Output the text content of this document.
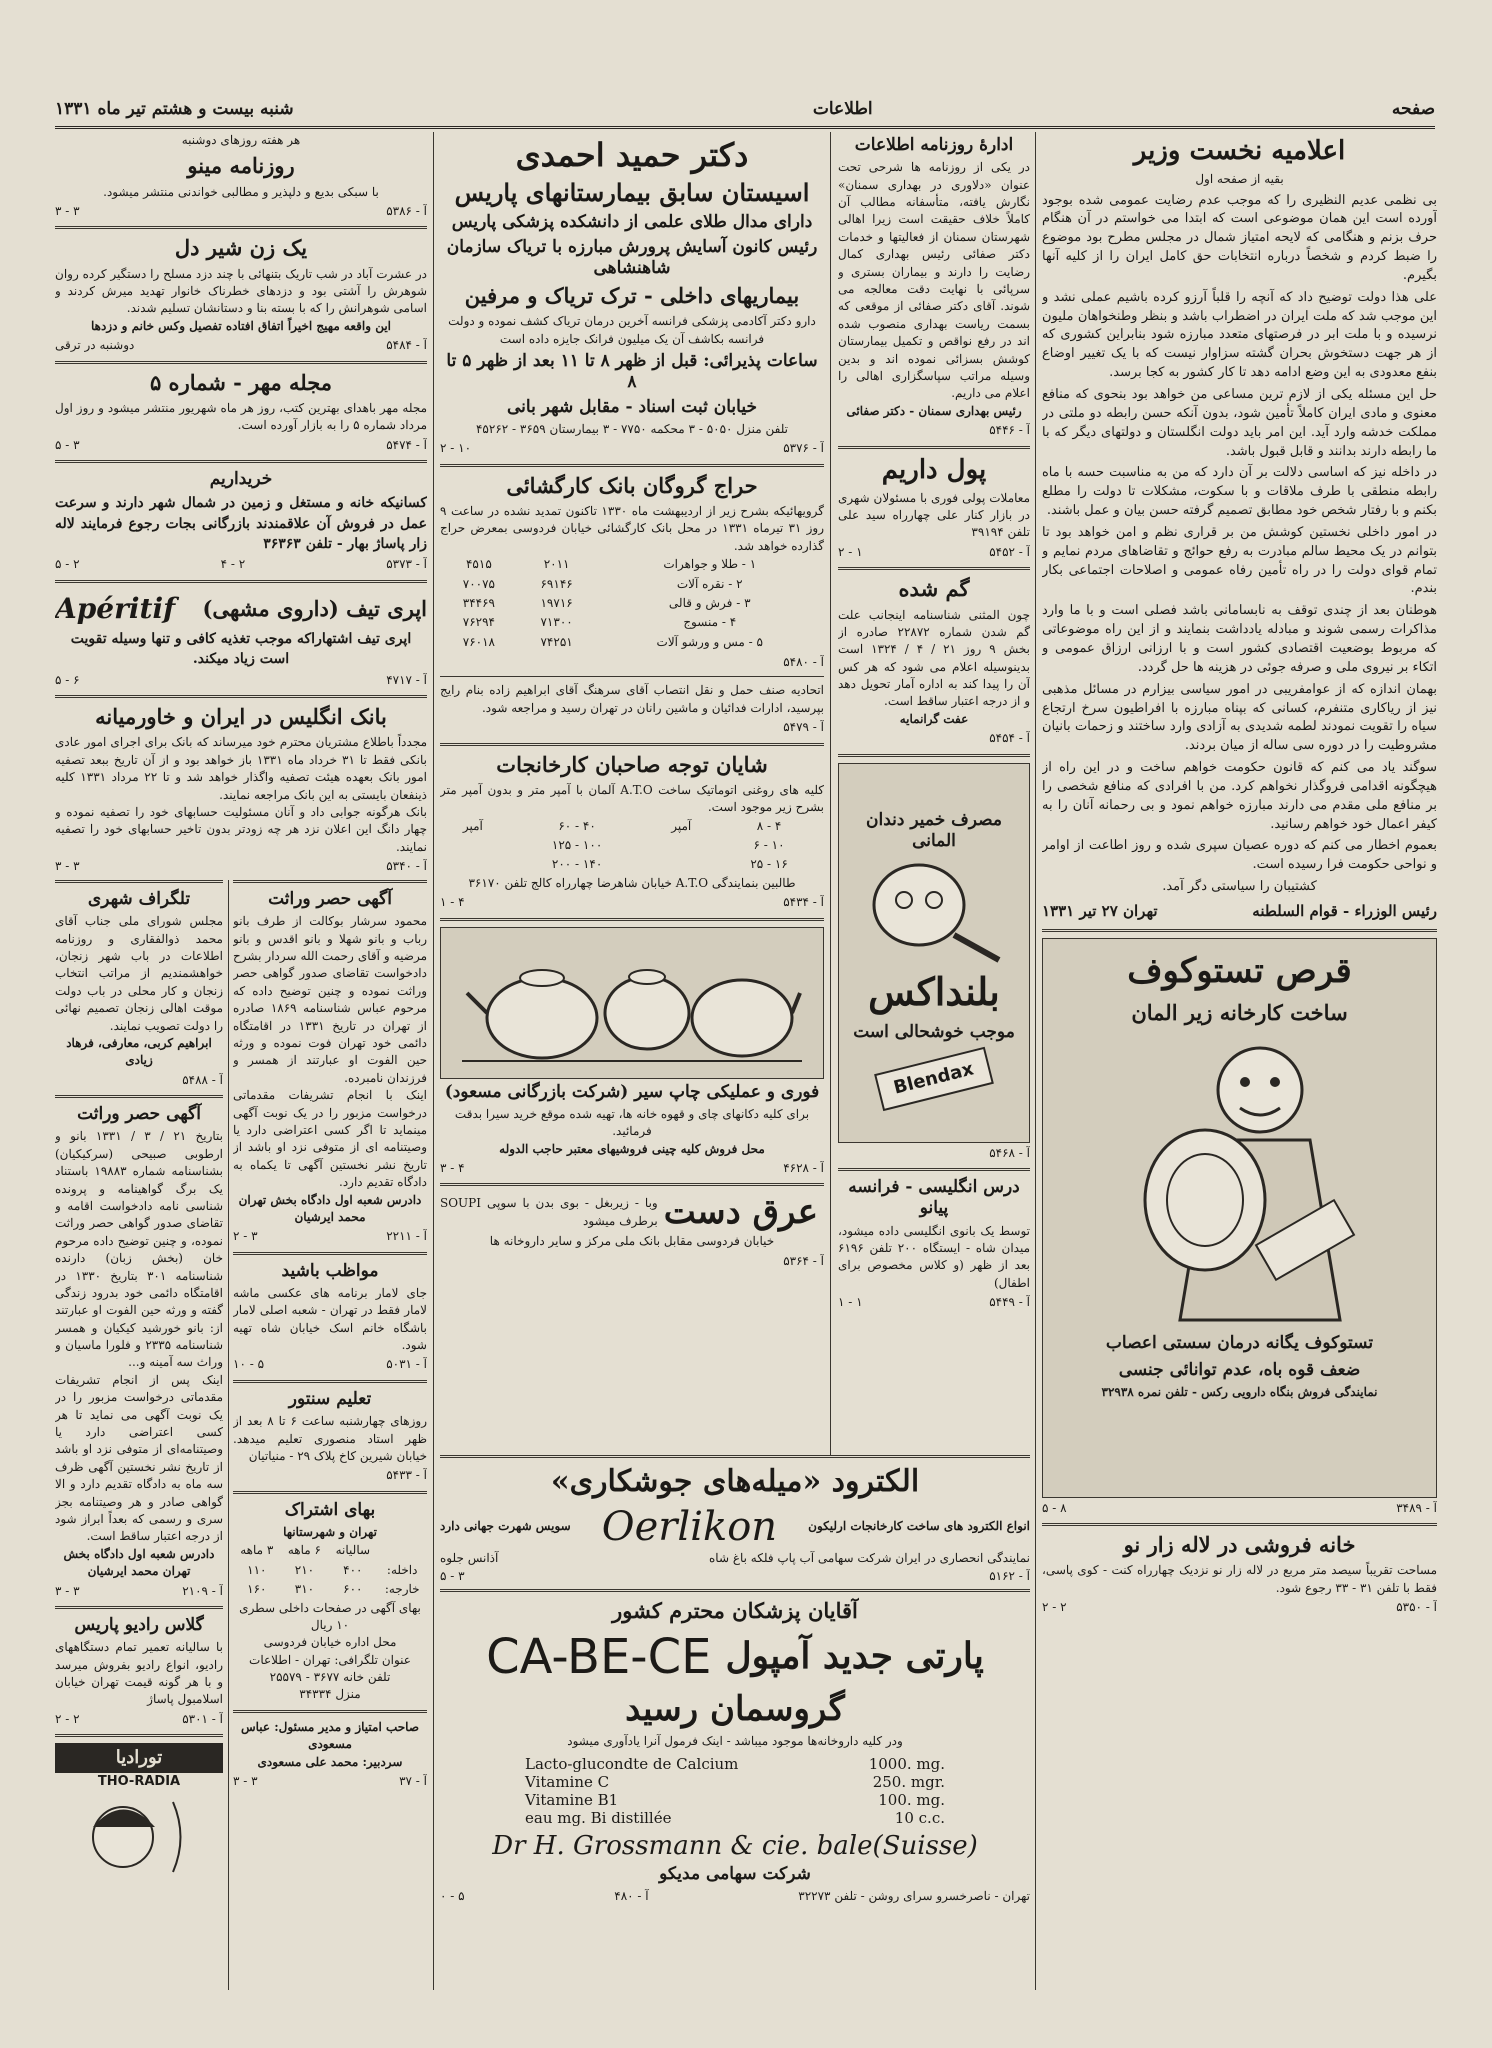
صفحه
اطلاعات
شنبه بیست و هشتم تیر ماه ۱۳۳۱
اعلامیه نخست وزیر
بقیه از صفحه اول

بی نظمی عدیم النظیری را که موجب عدم رضایت عمومی شده بوجود آورده است این همان موضوعی است که ابتدا می خواستم در آن هنگام حرف بزنم و هنگامی که لایحه امتیاز شمال در مجلس مطرح بود موضوع را ضبط کردم و شخصاً درباره انتخابات حق کامل ایران را از کلیه آنها بگیرم.

علی هذا دولت توضیح داد که آنچه را قلباً آرزو کرده باشیم عملی نشد و این موجب شد که ملت ایران در اضطراب باشد و بنظر وطنخواهان ملیون نرسیده و با ملت ابر در فرصتهای متعدد مبارزه شود بنابراین کشوری که از هر جهت دستخوش بحران گشته سزاوار نیست که با یک تغییر اوضاع بنفع معدودی به این وضع ادامه دهد تا کار کشور به کجا برسد.

حل این مسئله یکی از لازم ترین مساعی من خواهد بود بنحوی که منافع معنوی و مادی ایران کاملاً تأمین شود، بدون آنکه حسن رابطه دو ملتی در مملکت خدشه وارد آید. این امر باید دولت انگلستان و دولتهای دیگر که با ما رابطه دارند بدانند و قابل قبول باشد.

در داخله نیز که اساسی دلالت بر آن دارد که من به مناسبت حسه با ماه رابطه منطقی با طرف ملاقات و با سکوت، مشکلات تا دولت را مطلع بکنم و با رفتار شخص خود مطابق تصمیم گرفته حسن بیان و عمل باشند.

در امور داخلی نخستین کوشش من بر قراری نظم و امن خواهد بود تا بتوانم در یک محیط سالم مبادرت به رفع حوائج و تقاضاهای مردم نمایم و تمام قوای دولت را در راه تأمین رفاه عمومی و اصلاحات اجتماعی بکار بندم.

هوطنان بعد از چندی توقف به نابسامانی باشد فصلی است و با ما وارد مذاکرات رسمی شوند و مبادله یادداشت بنمایند و از این راه موضوعاتی که مربوط بوضعیت اقتصادی کشور است و با ارزانی ارزاق عمومی و اتکاء بر نیروی ملی و صرفه جوئی در هزینه ها حل گردد.

بهمان اندازه که از عوامفریبی در امور سیاسی بیزارم در مسائل مذهبی نیز از ریاکاری متنفرم، کسانی که بپناه مبارزه با افراطیون سرخ ارتجاع سیاه را تقویت نمودند لطمه شدیدی به آزادی وارد ساختند و زحمات بانیان مشروطیت را در دوره سی ساله از میان بردند.

سوگند یاد می کنم که قانون حکومت خواهم ساخت و در این راه از هیچگونه اقدامی فروگذار نخواهم کرد. من با افرادی که منافع شخصی را بر منافع ملی مقدم می دارند مبارزه خواهم نمود و بی رحمانه آنان را به کیفر اعمال خود خواهم رسانید.

بعموم اخطار می کنم که دوره عصیان سپری شده و روز اطاعت از اوامر و نواحی حکومت فرا رسیده است.

کشتیبان را سیاستی دگر آمد.

رئیس الوزراء - قوام السلطنه
تهران ۲۷ تیر ۱۳۳۱
قرص تستوکوف
ساخت کارخانه زیر المان
تستوکوف یگانه درمان سستی اعصاب
ضعف قوه باه، عدم توانائی جنسی
نمایندگی فروش بنگاه دارویی رکس - تلفن نمره ۳۲۹۳۸
آ - ۳۴۸۹
۸ - ۵
خانه فروشی در لاله زار نو
مساحت تقریباً سیصد متر مربع در لاله زار نو نزدیک چهارراه کنت - کوی پاسی، فقط با تلفن ۳۱ - ۳۳ رجوع شود.
آ - ۵۳۵۰
۲ - ۲
ادارهٔ روزنامه اطلاعات
در یکی از روزنامه ها شرحی تحت عنوان «دلاوری در بهداری سمنان» نگارش یافته، متأسفانه مطالب آن کاملاً خلاف حقیقت است زیرا اهالی شهرستان سمنان از فعالیتها و خدمات دکتر صفائی رئیس بهداری کمال رضایت را دارند و بیماران بستری و سرپائی با نهایت دقت معالجه می شوند. آقای دکتر صفائی از موقعی که بسمت ریاست بهداری منصوب شده اند در رفع نواقص و تکمیل بیمارستان کوشش بسزائی نموده اند و بدین وسیله مراتب سپاسگزاری اهالی را اعلام می داریم.
رئیس بهداری سمنان - دکتر صفائی
آ - ۵۴۴۶
پول داریم
معاملات پولی فوری با مسئولان شهری در بازار کنار علی چهارراه سید علی تلفن ۳۹۱۹۴
آ - ۵۴۵۲
۱ - ۲
گم شده
چون المثنی شناسنامه اینجانب علت گم شدن شماره ۲۲۸۷۲ صادره از بخش ۹ روز ۲۱ / ۴ / ۱۳۲۴ است بدینوسیله اعلام می شود که هر کس آن را پیدا کند به اداره آمار تحویل دهد و از درجه اعتبار ساقط است.
عفت گرانمایه
آ - ۵۴۵۴
مصرف خمیر دندان المانی
بلنداکس
موجب خوشحالی است
Blendax
آ - ۵۴۶۸
درس انگلیسی - فرانسه پیانو
توسط یک بانوی انگلیسی داده میشود، میدان شاه - ایستگاه ۲۰۰ تلفن ۶۱۹۶ بعد از ظهر (و کلاس مخصوص برای اطفال)
آ - ۵۴۴۹
۱ - ۱
دکتر حمید احمدی
اسیستان سابق بیمارستانهای پاریس
دارای مدال طلای علمی از دانشکده پزشکی پاریس
رئیس کانون آسایش پرورش مبارزه با تریاک سازمان شاهنشاهی
بیماریهای داخلی - ترک تریاک و مرفین
دارو دکتر آکادمی پزشکی فرانسه آخرین درمان تریاک کشف نموده و دولت فرانسه بکاشف آن یک میلیون فرانک جایزه داده است
ساعات پذیرائی: قبل از ظهر ۸ تا ۱۱ بعد از ظهر ۵ تا ۸
خیابان ثبت اسناد - مقابل شهر بانی
تلفن منزل ۵۰۵۰ - ۳ محکمه ۷۷۵۰ - ۳ بیمارستان ۳۶۵۹ - ۴۵۲۶۲
آ - ۵۳۷۶
۱۰ - ۲
حراج گروگان بانک کارگشائی
گرویهائیکه بشرح زیر از اردیبهشت ماه ۱۳۳۰ تاکنون تمدید نشده در ساعت ۹ روز ۳۱ تیرماه ۱۳۳۱ در محل بانک کارگشائی خیابان فردوسی بمعرض حراج گذارده خواهد شد.
۱ - طلا و جواهرات	۲۰۱۱	۴۵۱۵
۲ - نقره آلات	۶۹۱۴۶	۷۰۰۷۵
۳ - فرش و قالی	۱۹۷۱۶	۳۴۴۶۹
۴ - منسوج	۷۱۳۰۰	۷۶۲۹۴
۵ - مس و ورشو آلات	۷۴۲۵۱	۷۶۰۱۸
آ - ۵۴۸۰
اتحادیه صنف حمل و نقل انتصاب آقای سرهنگ آقای ابراهیم زاده بنام رایج بپرسید، ادارات فدائیان و ماشین رانان در تهران رسید و مراجعه شود.
آ - ۵۴۷۹
شایان توجه صاحبان کارخانجات
کلیه های روغنی اتوماتیک ساخت A.T.O آلمان با آمپر متر و بدون آمپر متر بشرح زیر موجود است.
۴ - ۸	آمپر	۴۰ - ۶۰	آمپر
۱۰ - ۶		۱۰۰ - ۱۲۵	
۱۶ - ۲۵		۱۴۰ - ۲۰۰	
طالبین بنمایندگی A.T.O خیابان شاهرضا چهارراه کالج تلفن ۳۶۱۷۰
آ - ۵۴۳۴
۴ - ۱
فوری و عملیکی چاپ سیر (شرکت بازرگانی مسعود)
برای کلیه دکانهای چای و قهوه خانه ها، تهیه شده موقع خرید سیرا بدقت فرمائید.
محل فروش کلیه چینی فروشیهای معتبر حاجب الدوله
آ - ۴۶۲۸
۴ - ۳
عرق دست
وبا - زیربغل - بوی بدن با سوپی SOUPI برطرف میشود
خیابان فردوسی مقابل بانک ملی مرکز و سایر داروخانه ها
آ - ۵۳۶۴
الکترود «میله‌های جوشکاری»
انواع الکترود های ساخت کارخانجات ارلیکون
Oerlikon
سویس شهرت جهانی دارد
نمایندگی انحصاری در ایران شرکت سهامی آب پاپ فلکه باغ شاه
آذانس جلوه
آ - ۵۱۶۲
۳ - ۵
آقایان پزشکان محترم کشور
پارتی جدید آمپول
CA-BE-CE
گروسمان رسید
ودر کلیه داروخانه‌ها موجود میباشد - اینک فرمول آنرا یادآوری میشود
Lacto-glucondte de Calcium	1000. mg.
Vitamine C	250. mgr.
Vitamine B1	100. mg.
eau mg. Bi distillée	10 c.c.
Dr H. Grossmann & cie. bale(Suisse)
شرکت سهامی مدیکو
تهران - ناصرخسرو سرای روشن - تلفن ۳۲۲۷۳
آ - ۴۸۰
۵ - ۰
هر هفته روزهای دوشنبه
روزنامه مینو
با سبکی بدیع و دلپذیر و مطالبی خواندنی منتشر میشود.
آ - ۵۳۸۶
۳ - ۳
یک زن شیر دل
در عشرت آباد در شب تاریک بتنهائی با چند دزد مسلح را دستگیر کرده روان شوهرش را آشتی بود و دزدهای خطرناک خانوار تهدید میرش کردند و اسامی شوهرانش را که با بسته بنا و دستانشان تسلیم شدند.
این واقعه مهیج اخیراً اتفاق افتاده تفصیل وکس خانم و دزدها
آ - ۵۴۸۴
دوشنبه در ترقی
مجله مهر - شماره ۵
مجله مهر باهدای بهترین کتب، روز هر ماه شهریور منتشر میشود و روز اول مرداد شماره ۵ را به بازار آورده است.
آ - ۵۴۷۴
۳ - ۵
خریداریم
کسانیکه خانه و مستغل و زمین در شمال شهر دارند و سرعت عمل در فروش آن علاقمندند بازرگانی بجات رجوع فرمایند لاله زار پاساژ بهار - تلفن ۳۶۳۶۳
آ - ۵۳۷۳
۲ - ۴
۲ - ۵
اپری تیف (داروی مشهی)
Apéritif
اپری تیف اشتهاراکه موجب تغذیه کافی و تنها وسیله تقویت است زیاد میکند.
آ - ۴۷۱۷
۶ - ۵
بانک انگلیس در ایران و خاورمیانه
مجدداً باطلاع مشتریان محترم خود میرساند که بانک برای اجرای امور عادی بانکی فقط تا ۳۱ خرداد ماه ۱۳۳۱ باز خواهد بود و از آن تاریخ ببعد تصفیه امور بانک بعهده هیئت تصفیه واگذار خواهد شد و تا ۲۲ مرداد ۱۳۳۱ کلیه ذینفعان بایستی به این بانک مراجعه نمایند.
بانک هرگونه جوابی داد و آنان مسئولیت حسابهای خود را تصفیه نموده و چهار دانگ این اعلان نزد هر چه زودتر بدون تاخیر حسابهای خود را تصفیه نمایند.
آ - ۵۳۴۰
۳ - ۳
آگهی حصر وراثت
محمود سرشار بوکالت از طرف بانو رباب و بانو شهلا و بانو اقدس و بانو مرضیه و آقای رحمت الله سردار بشرح دادخواست تقاضای صدور گواهی حصر وراثت نموده و چنین توضیح داده که مرحوم عباس شناسنامه ۱۸۶۹ صادره از تهران در تاریخ ۱۳۳۱ در اقامتگاه دائمی خود تهران فوت نموده و ورثه حین الفوت او عبارتند از همسر و فرزندان نامبرده.
اینک با انجام تشریفات مقدماتی درخواست مزبور را در یک نوبت آگهی مینماید تا اگر کسی اعتراضی دارد یا وصیتنامه ای از متوفی نزد او باشد از تاریخ نشر نخستین آگهی تا یکماه به دادگاه تقدیم دارد.
دادرس شعبه اول دادگاه بخش تهران محمد ایرشیان
آ - ۲۲۱۱
۳ - ۲
مواظب باشید
جای لامار برنامه های عکسی ماشه لامار فقط در تهران - شعبه اصلی لامار باشگاه خانم اسک خیابان شاه تهیه شود.
آ - ۵۰۳۱
۵ - ۱۰
تعلیم سنتور
روزهای چهارشنبه ساعت ۶ تا ۸ بعد از ظهر استاد منصوری تعلیم میدهد. خیابان شیرین کاخ پلاک ۲۹ - منیاتیان
آ - ۵۴۳۳
بهای اشتراک
تهران و شهرستانها
	سالیانه	۶ ماهه	۳ ماهه
داخله:	۴۰۰	۲۱۰	۱۱۰
خارجه:	۶۰۰	۳۱۰	۱۶۰
بهای آگهی در صفحات داخلی سطری ۱۰ ریال
محل اداره خیابان فردوسی
عنوان تلگرافی: تهران - اطلاعات
تلفن خانه ۳۶۷۷ - ۲۵۵۷۹
منزل ۳۴۳۳۴
صاحب امتیاز و مدیر مسئول: عباس مسعودی
سردبیر: محمد علی مسعودی
آ - ۳۷
۳ - ۳
تلگراف شهری
مجلس شورای ملی جناب آقای محمد ذوالفقاری و روزنامه اطلاعات در باب شهر زنجان، خواهشمندیم از مراتب انتخاب زنجان و کار محلی در باب دولت موقت اهالی زنجان تصمیم نهائی را دولت تصویب نمایند.
ابراهیم کربی، معارفی، فرهاد زیادی
آ - ۵۴۸۸
آگهی حصر وراثت
بتاریخ ۲۱ / ۳ / ۱۳۳۱ بانو و ارطوبی صبیحی (سرکیکیان) بشناسنامه شماره ۱۹۸۸۳ باستناد یک برگ گواهینامه و پرونده شناسی نامه دادخواست اقامه و تقاضای صدور گواهی حصر وراثت نموده، و چنین توضیح داده مرحوم خان (بخش زبان) دارنده شناسنامه ۳۰۱ بتاریخ ۱۳۳۰ در اقامتگاه دائمی خود بدرود زندگی گفته و ورثه حین الفوت او عبارتند از: بانو خورشید کیکیان و همسر شناسنامه ۲۳۳۵ و فلورا ماسیان و وراث سه آمینه و...
اینک پس از انجام تشریفات مقدماتی درخواست مزبور را در یک نوبت آگهی می نماید تا هر کسی اعتراضی دارد یا وصیتنامه‌ای از متوفی نزد او باشد از تاریخ نشر نخستین آگهی ظرف سه ماه به دادگاه تقدیم دارد و الا گواهی صادر و هر وصیتنامه بجز سری و رسمی که بعداً ابراز شود از درجه اعتبار ساقط است.
دادرس شعبه اول دادگاه بخش تهران محمد ایرشیان
آ - ۲۱۰۹
۳ - ۳
گلاس رادیو پاریس
با سالیانه تعمیر تمام دستگاههای رادیو، انواع رادیو بفروش میرسد و با هر گونه قیمت تهران خیابان اسلامبول پاساژ
آ - ۵۳۰۱
۲ - ۲
تورادیا
THO-RADIA
